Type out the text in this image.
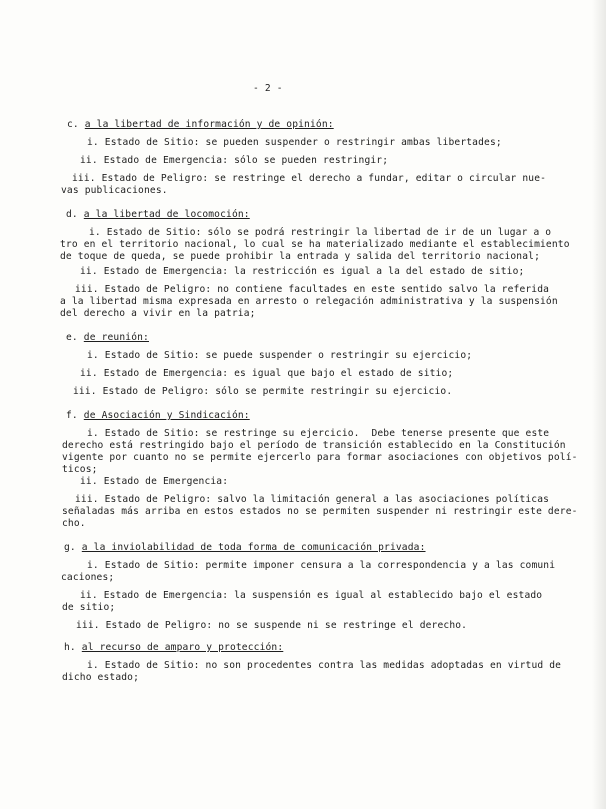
- 2 -
c. a la libertad de información y de opinión:
i. Estado de Sitio: se pueden suspender o restringir ambas libertades;
ii. Estado de Emergencia: sólo se pueden restringir;
iii. Estado de Peligro: se restringe el derecho a fundar, editar o circular nue-
vas publicaciones.
d. a la libertad de locomoción:
i. Estado de Sitio: sólo se podrá restringir la libertad de ir de un lugar a o
tro en el territorio nacional, lo cual se ha materializado mediante el establecimiento
de toque de queda, se puede prohibir la entrada y salida del territorio nacional;
ii. Estado de Emergencia: la restricción es igual a la del estado de sitio;
iii. Estado de Peligro: no contiene facultades en este sentido salvo la referida
a la libertad misma expresada en arresto o relegación administrativa y la suspensión
del derecho a vivir en la patria;
e. de reunión:
i. Estado de Sitio: se puede suspender o restringir su ejercicio;
ii. Estado de Emergencia: es igual que bajo el estado de sitio;
iii. Estado de Peligro: sólo se permite restringir su ejercicio.
f. de Asociación y Sindicación:
i. Estado de Sitio: se restringe su ejercicio.  Debe tenerse presente que este
derecho está restringido bajo el período de transición establecido en la Constitución
vigente por cuanto no se permite ejercerlo para formar asociaciones con objetivos polí-
ticos;
ii. Estado de Emergencia:
iii. Estado de Peligro: salvo la limitación general a las asociaciones políticas
señaladas más arriba en estos estados no se permiten suspender ni restringir este dere-
cho.
g. a la inviolabilidad de toda forma de comunicación privada:
i. Estado de Sitio: permite imponer censura a la correspondencia y a las comuni
caciones;
ii. Estado de Emergencia: la suspensión es igual al establecido bajo el estado
de sitio;
iii. Estado de Peligro: no se suspende ni se restringe el derecho.
h. al recurso de amparo y protección:
i. Estado de Sitio: no son procedentes contra las medidas adoptadas en virtud de
dicho estado;
